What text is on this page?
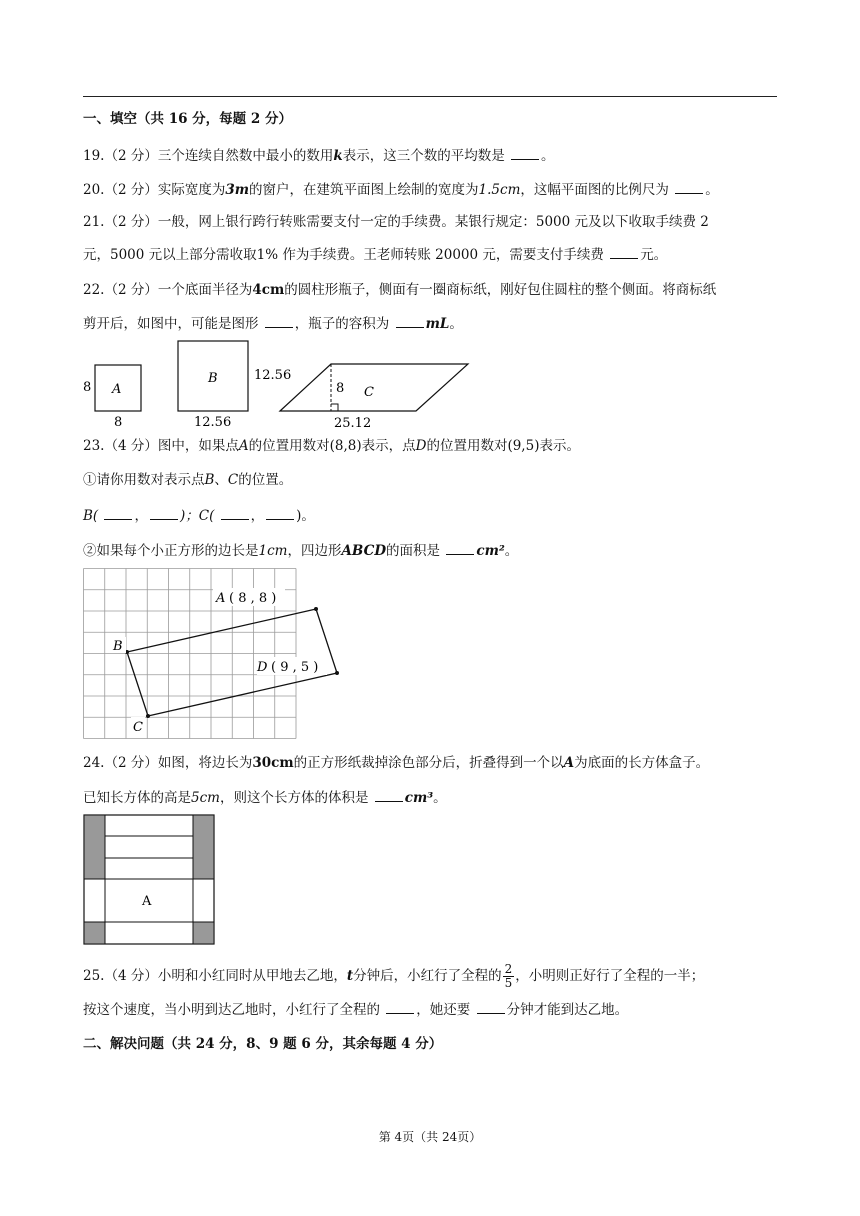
一、填空（共 16 分，每题 2 分）
19.（2 分）三个连续自然数中最小的数用k表示，这三个数的平均数是	。
20.（2 分）实际宽度为3m的窗户，在建筑平面图上绘制的宽度为1.5cm，这幅平面图的比例尺为	。
21.（2 分）一般，网上银行跨行转账需要支付一定的手续费。某银行规定：5000 元及以下收取手续费 2
元，5000 元以上部分需收取1% 作为手续费。王老师转账 20000 元，需要支付手续费	元。
22.（2 分）一个底面半径为4cm的圆柱形瓶子，侧面有一圈商标纸，刚好包住圆柱的整个侧面。将商标纸
剪开后，如图中，可能是图形	，瓶子的容积为	mL。
A
8
8
B	12.56
12.56
8 C
25.12
23.（4 分）图中，如果点A的位置用数对(8,8)表示，点D的位置用数对(9,5)表示。
①请你用数对表示点B、C的位置。
B(	， )；C(	， )。
②如果每个小正方形的边长是1cm，四边形ABCD的面积是	cm²。
A ( 8 , 8 )
B
C
D ( 9 , 5 )
24.（2 分）如图，将边长为30cm的正方形纸裁掉涂色部分后，折叠得到一个以A为底面的长方体盒子。
已知长方体的高是5cm，则这个长方体的体积是	cm³。
A
25.（4 分）小明和小红同时从甲地去乙地，t分钟后，小红行了全程的 $\frac{2}{5}$ ，小明则正好行了全程的一半；
按这个速度，当小明到达乙地时，小红行了全程的	，她还要	分钟才能到达乙地。
二、解决问题（共 24 分，8、9 题 6 分，其余每题 4 分）
第 4页（共 24页）
